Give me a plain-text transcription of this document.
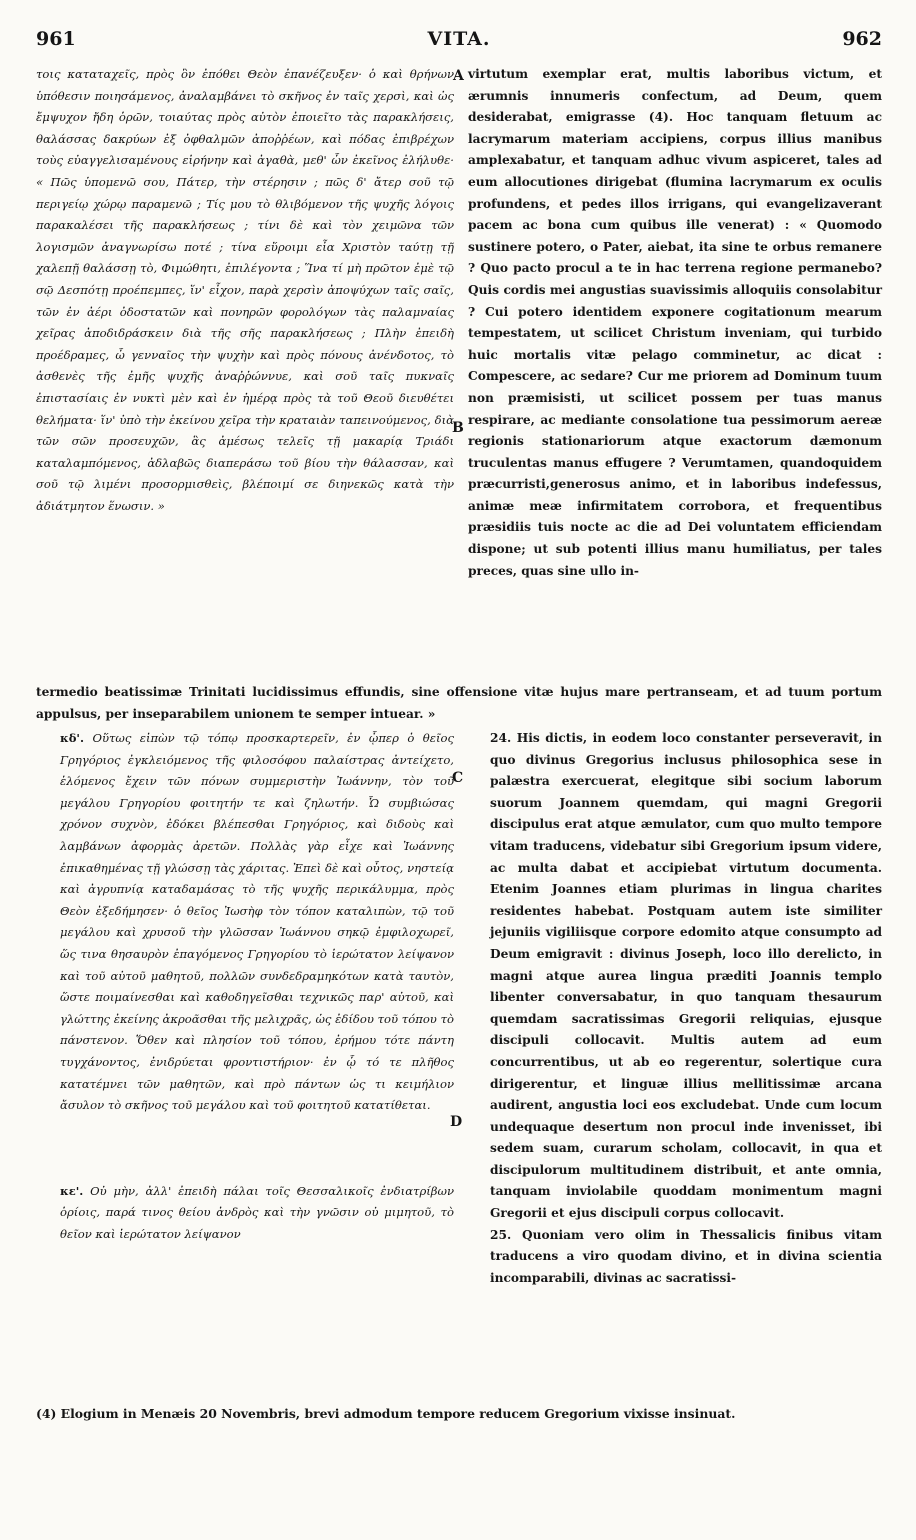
961	VITA.	962

τοις καταταχεῖς, πρὸς ὃν ἐπόθει Θεὸν ἐπανέζευξεν· ὁ καὶ θρήνων ὑπόθεσιν ποιησάμενος, ἀναλαμβάνει τὸ σκῆνος ἐν ταῖς χερσὶ, καὶ ὡς ἔμψυχον ἤδη ὁρῶν, τοιαύτας πρὸς αὐτὸν ἐποιεῖτο τὰς παρακλήσεις, θαλάσσας δακρύων ἐξ ὀφθαλμῶν ἀποῤῥέων, καὶ πόδας ἐπιβρέχων τοὺς εὐαγγελισαμένους εἰρήνην καὶ ἀγαθὰ, μεθ' ὧν ἐκεῖνος ἐλήλυθε· « Πῶς ὑπομενῶ σου, Πάτερ, τὴν στέρησιν ; πῶς δ' ἄτερ σοῦ τῷ περιγείῳ χώρῳ παραμενῶ ; Τίς μου τὸ θλιβόμενον τῆς ψυχῆς λόγοις παρακαλέσει τῆς παρακλήσεως ; τίνι δὲ καὶ τὸν χειμῶνα τῶν λογισμῶν ἀναγνωρίσω ποτέ ; τίνα εὕροιμι εἶα Χριστὸν ταύτῃ τῇ χαλεπῇ θαλάσσῃ τὸ, Φιμώθητι, ἐπιλέγοντα ; Ἵνα τί μὴ πρῶτον ἐμὲ τῷ σῷ Δεσπότῃ προέπεμπες, ἵν' εἶχον, παρὰ χερσὶν ἀποψύχων ταῖς σαῖς, τῶν ἐν ἀέρι ὀδοστατῶν καὶ πονηρῶν φορολόγων τὰς παλαμναίας χεῖρας ἀποδιδράσκειν διὰ τῆς σῆς παρακλήσεως ; Πλὴν ἐπειδὴ προέδραμες, ὦ γενναῖος τὴν ψυχὴν καὶ πρὸς πόνους ἀνένδοτος, τὸ ἀσθενὲς τῆς ἐμῆς ψυχῆς ἀναῤῥώννυε, καὶ σοῦ ταῖς πυκναῖς ἐπιστασίαις ἐν νυκτὶ μὲν καὶ ἐν ἡμέρᾳ πρὸς τὰ τοῦ Θεοῦ διευθέτει θελήματα· ἵν' ὑπὸ τὴν ἐκείνου χεῖρα τὴν κραταιὰν ταπεινούμενος, διὰ τῶν σῶν προσευχῶν, ἃς ἀμέσως τελεῖς τῇ μακαρίᾳ Τριάδι καταλαμπόμενος, ἀδλαβῶς διαπεράσω τοῦ βίου τὴν θάλασσαν, καὶ σοῦ τῷ λιμένι προσορμισθεὶς, βλέποιμί σε διηνεκῶς κατὰ τὴν ἀδιάτμητον ἕνωσιν. »

virtutum exemplar erat, multis laboribus victum, et ærumnis innumeris confectum, ad Deum, quem desiderabat, emigrasse (4). Hoc tanquam fletuum ac lacrymarum materiam accipiens, corpus illius manibus amplexabatur, et tanquam adhuc vivum aspiceret, tales ad eum allocutiones dirigebat (flumina lacrymarum ex oculis profundens, et pedes illos irrigans, qui evangelizaverant pacem ac bona cum quibus ille venerat) : « Quomodo sustinere potero, o Pater, aiebat, ita sine te orbus remanere ? Quo pacto procul a te in hac terrena regione permanebo? Quis cordis mei angustias suavissimis alloquiis consolabitur ? Cui potero identidem exponere cogitationum mearum tempestatem, ut scilicet Christum inveniam, qui turbido huic mortalis vitæ pelago comminetur, ac dicat : Compescere, ac sedare? Cur me priorem ad Dominum tuum non præmisisti, ut scilicet possem per tuas manus respirare, ac mediante consolatione tua pessimorum aereæ regionis stationariorum atque exactorum dæmonum truculentas manus effugere ? Verumtamen, quandoquidem præcurristi,generosus animo, et in laboribus indefessus, animæ meæ infirmitatem corrobora, et frequentibus præsidiis tuis nocte ac die ad Dei voluntatem efficiendam dispone; ut sub potenti illius manu humiliatus, per tales preces, quas sine ullo in-

termedio beatissimæ Trinitati lucidissimus effundis, sine offensione vitæ hujus mare pertranseam, et ad tuum portum appulsus, per inseparabilem unionem te semper intuear. »

κδ'. Οὕτως εἰπὼν τῷ τόπῳ προσκαρτερεῖν, ἐν ᾧπερ ὁ θεῖος Γρηγόριος ἐγκλειόμενος τῆς φιλοσόφου παλαίστρας ἀντείχετο, ἑλόμενος ἔχειν τῶν πόνων συμμεριστὴν Ἰωάννην, τὸν τοῦ μεγάλου Γρηγορίου φοιτητήν τε καὶ ζηλωτήν. Ὧ συμβιώσας χρόνον συχνὸν, ἐδόκει βλέπεσθαι Γρηγόριος, καὶ διδοὺς καὶ λαμβάνων ἀφορμὰς ἀρετῶν. Πολλὰς γὰρ εἶχε καὶ Ἰωάννης ἐπικαθημένας τῇ γλώσσῃ τὰς χάριτας. Ἐπεὶ δὲ καὶ οὗτος, νηστείᾳ καὶ ἀγρυπνίᾳ καταδαμάσας τὸ τῆς ψυχῆς περικάλυμμα, πρὸς Θεὸν ἐξεδήμησεν· ὁ θεῖος Ἰωσὴφ τὸν τόπον καταλιπὼν, τῷ τοῦ μεγάλου καὶ χρυσοῦ τὴν γλῶσσαν Ἰωάννου σηκῷ ἐμφιλοχωρεῖ, ὥς τινα θησαυρὸν ἐπαγόμενος Γρηγορίου τὸ ἱερώτατον λείψανον καὶ τοῦ αὐτοῦ μαθητοῦ, πολλῶν συνδεδραμηκότων κατὰ ταυτὸν, ὥστε ποιμαίνεσθαι καὶ καθοδηγεῖσθαι τεχνικῶς παρ' αὐτοῦ, καὶ γλώττης ἐκείνης ἀκροᾶσθαι τῆς μελιχρᾶς, ὡς ἐδίδου τοῦ τόπου τὸ πάνστενον. Ὅθεν καὶ πλησίον τοῦ τόπου, ἐρήμου τότε πάντη τυγχάνοντος, ἐνιδρύεται φροντιστήριον· ἐν ᾧ τό τε πλῆθος κατατέμνει τῶν μαθητῶν, καὶ πρὸ πάντων ὡς τι κειμήλιον ἄσυλον τὸ σκῆνος τοῦ μεγάλου καὶ τοῦ φοιτητοῦ κατατίθεται.

κε'. Οὐ μὴν, ἀλλ' ἐπειδὴ πάλαι τοῖς Θεσσαλικοῖς ἐνδιατρίβων ὁρίοις, παρά τινος θείου ἀνδρὸς καὶ τὴν γνῶσιν οὐ μιμητοῦ, τὸ θεῖον καὶ ἱερώτατον λείψανον

24. His dictis, in eodem loco constanter perseveravit, in quo divinus Gregorius inclusus philosophica sese in palæstra exercuerat, elegitque sibi socium laborum suorum Joannem quemdam, qui magni Gregorii discipulus erat atque æmulator, cum quo multo tempore vitam traducens, videbatur sibi Gregorium ipsum videre, ac multa dabat et accipiebat virtutum documenta. Etenim Joannes etiam plurimas in lingua charites residentes habebat. Postquam autem iste similiter jejuniis vigiliisque corpore edomito atque consumpto ad Deum emigravit : divinus Joseph, loco illo derelicto, in magni atque aurea lingua præditi Joannis templo libenter conversabatur, in quo tanquam thesaurum quemdam sacratissimas Gregorii reliquias, ejusque discipuli collocavit. Multis autem ad eum concurrentibus, ut ab eo regerentur, solertique cura dirigerentur, et linguæ illius mellitissimæ arcana audirent, angustia loci eos excludebat. Unde cum locum undequaque desertum non procul inde invenisset, ibi sedem suam, curarum scholam, collocavit, in qua et discipulorum multitudinem distribuit, et ante omnia, tanquam inviolabile quoddam monimentum magni Gregorii et ejus discipuli corpus collocavit.

25. Quoniam vero olim in Thessalicis finibus vitam traducens a viro quodam divino, et in divina scientia incomparabili, divinas ac sacratissi-

A
B
C
D
(4) Elogium in Menæis 20 Novembris, brevi admodum tempore reducem Gregorium vixisse insinuat.
